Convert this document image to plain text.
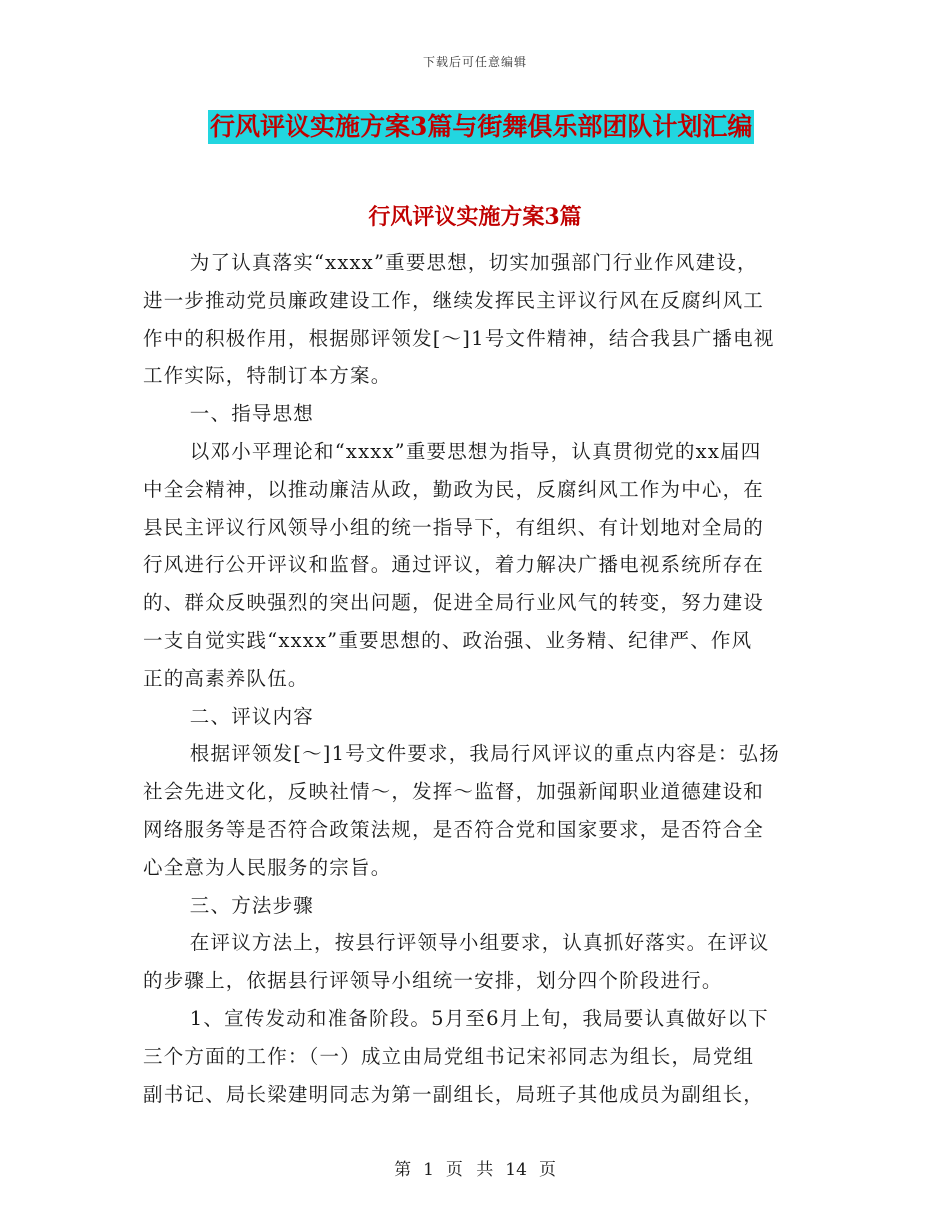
下载后可任意编辑
行风评议实施方案3篇与街舞俱乐部团队计划汇编
行风评议实施方案3篇

为了认真落实“xxxx”重要思想，切实加强部门行业作风建设，

进一步推动党员廉政建设工作，继续发挥民主评议行风在反腐纠风工

作中的积极作用，根据郧评领发[～]1号文件精神，结合我县广播电视

工作实际，特制订本方案。

一、指导思想

以邓小平理论和“xxxx”重要思想为指导，认真贯彻党的xx届四

中全会精神，以推动廉洁从政，勤政为民，反腐纠风工作为中心，在

县民主评议行风领导小组的统一指导下，有组织、有计划地对全局的

行风进行公开评议和监督。通过评议，着力解决广播电视系统所存在

的、群众反映强烈的突出问题，促进全局行业风气的转变，努力建设

一支自觉实践“xxxx”重要思想的、政治强、业务精、纪律严、作风

正的高素养队伍。

二、评议内容

根据评领发[～]1号文件要求，我局行风评议的重点内容是：弘扬

社会先进文化，反映社情～，发挥～监督，加强新闻职业道德建设和

网络服务等是否符合政策法规，是否符合党和国家要求，是否符合全

心全意为人民服务的宗旨。

三、方法步骤

在评议方法上，按县行评领导小组要求，认真抓好落实。在评议

的步骤上，依据县行评领导小组统一安排，划分四个阶段进行。

1、宣传发动和准备阶段。5月至6月上旬，我局要认真做好以下

三个方面的工作：（一）成立由局党组书记宋祁同志为组长，局党组

副书记、局长梁建明同志为第一副组长，局班子其他成员为副组长，

第 1 页 共 14 页
